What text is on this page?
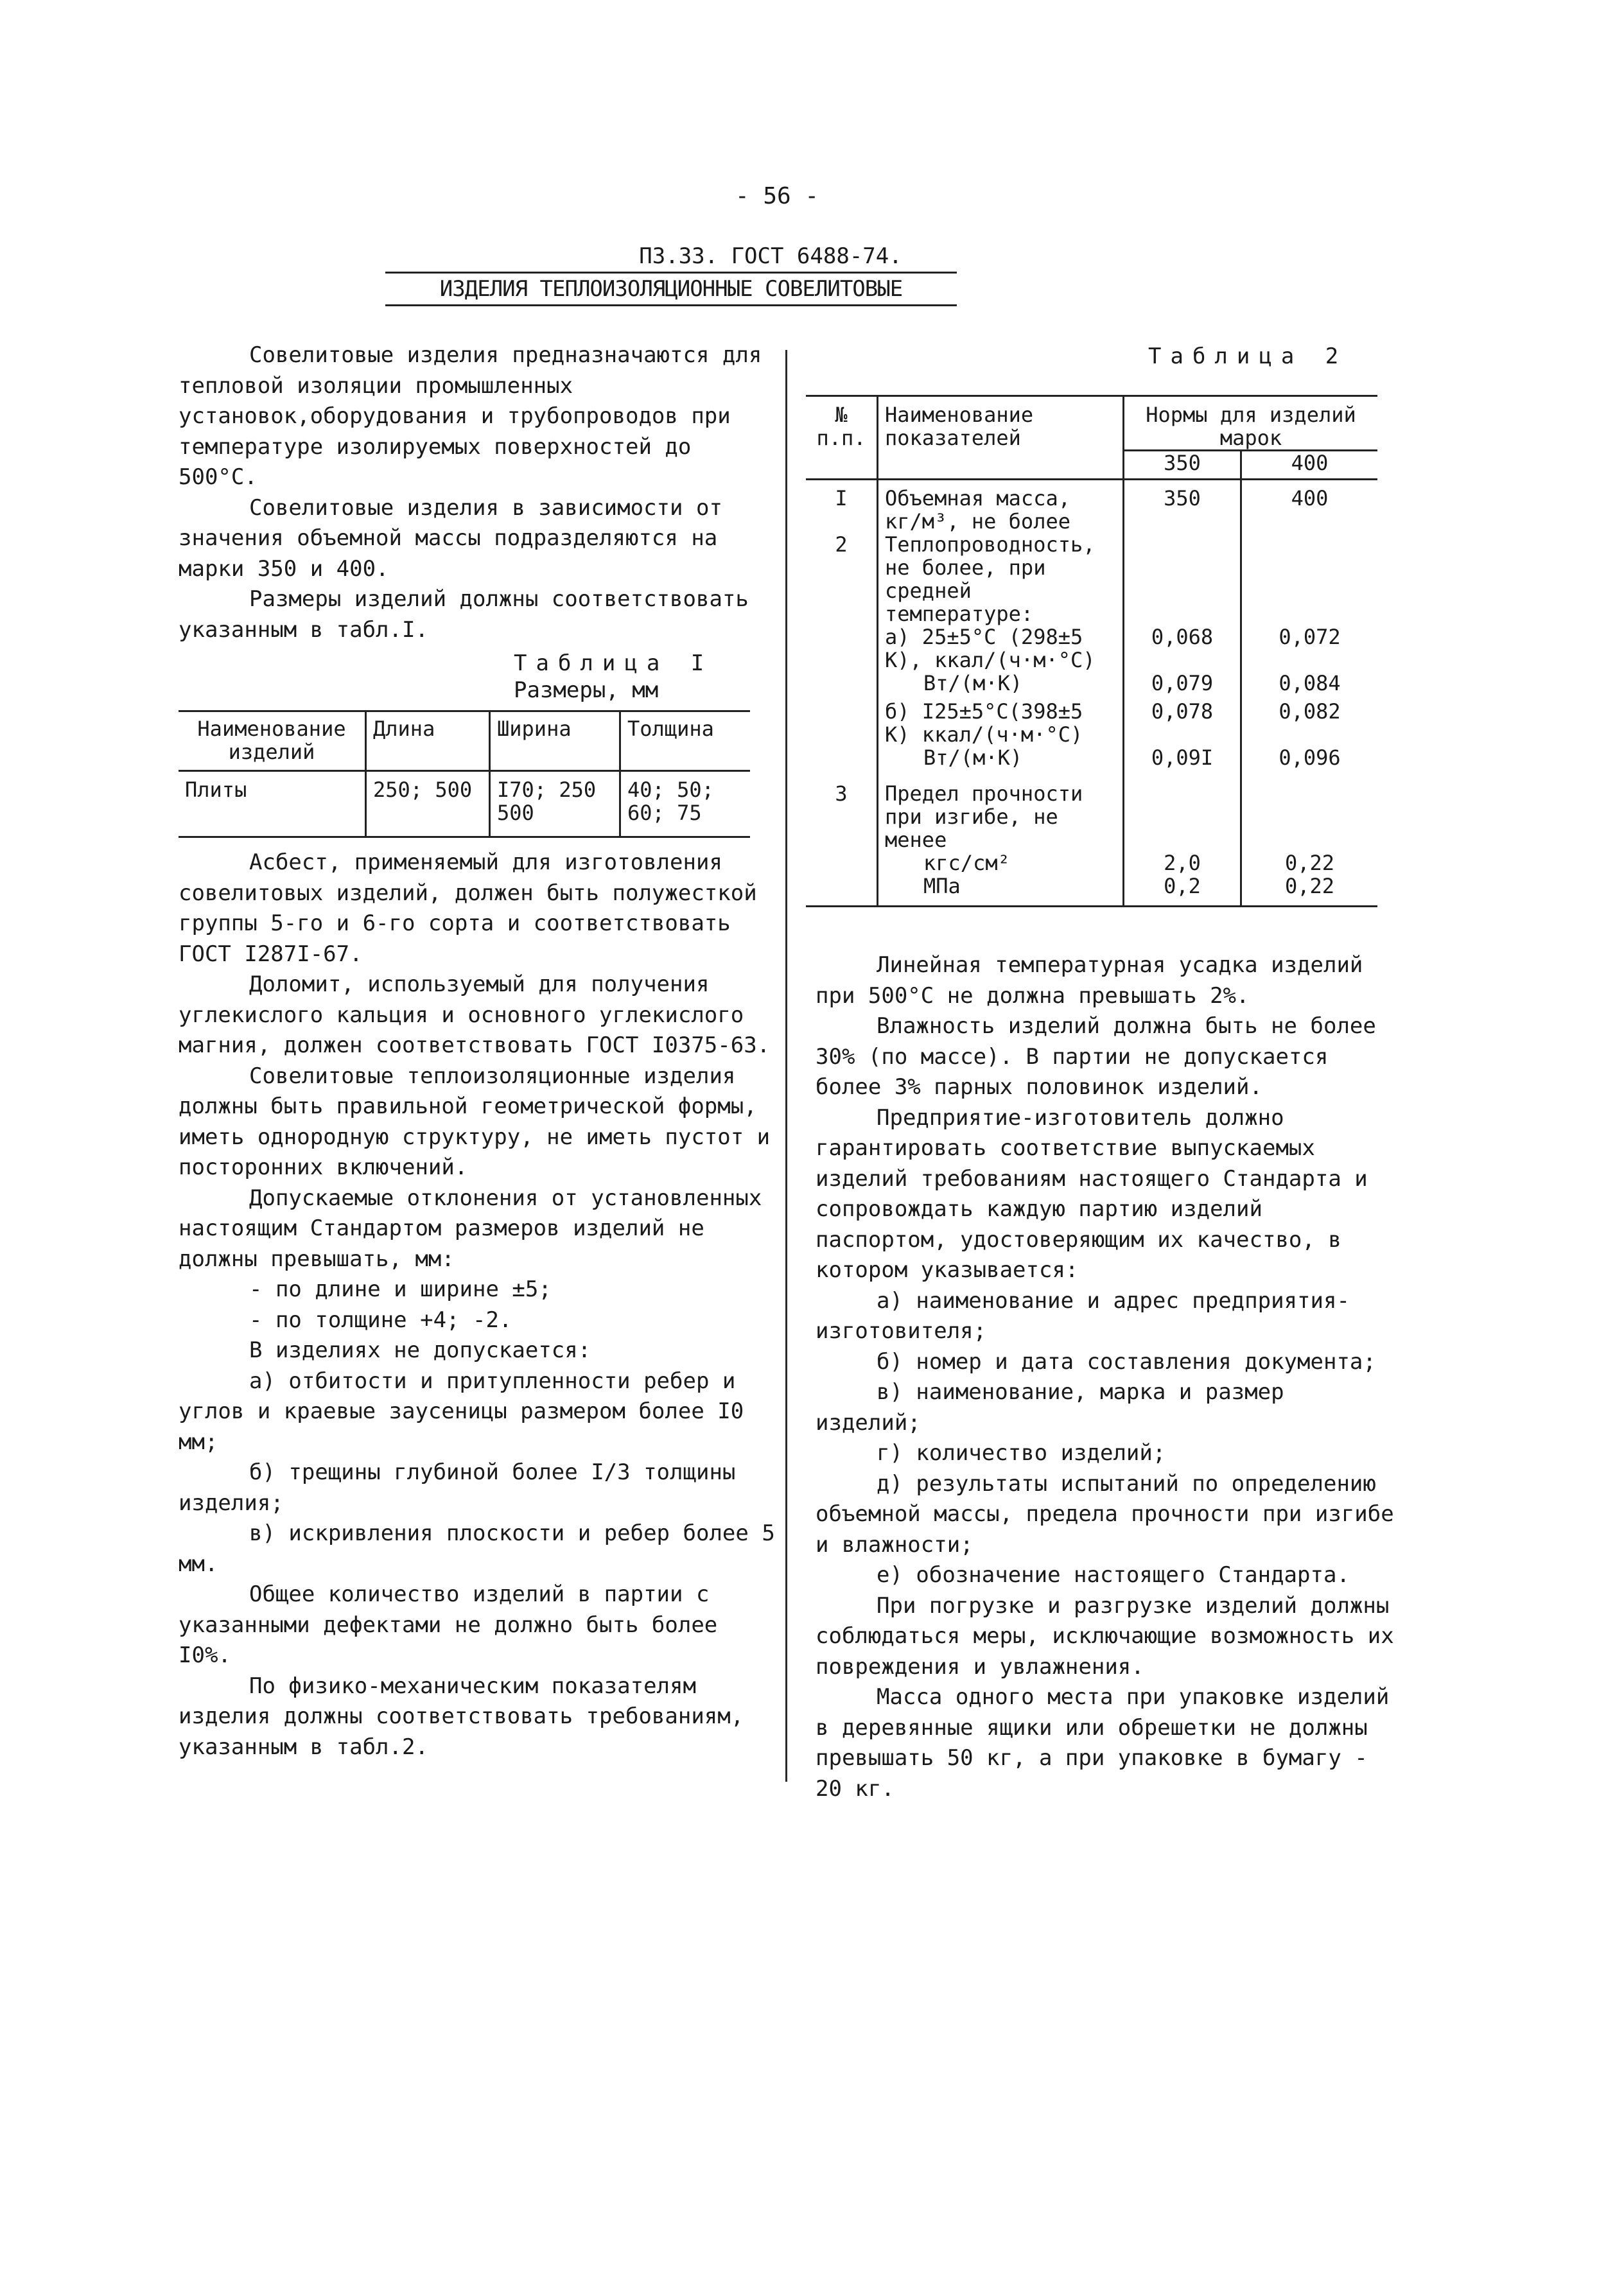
- 56 -
П3.33. ГОСТ 6488-74.
ИЗДЕЛИЯ ТЕПЛОИЗОЛЯЦИОННЫЕ СОВЕЛИТОВЫЕ

Совелитовые изделия предназначаются для тепловой изоляции промышленных установок,оборудования и трубопроводов при температуре изолируемых поверхностей до 500°С.

Совелитовые изделия в зависимости от значения объемной массы подразделяются на марки 350 и 400.

Размеры изделий должны соответствовать указанным в табл.I.

Таблица I
Размеры, мм
Наименование изделий	Длина	Ширина	Толщина
Плиты	250; 500	I70; 250 500	40; 50; 60; 75

Асбест, применяемый для изготовления совелитовых изделий, должен быть полужесткой группы 5-го и 6-го сорта и соответствовать ГОСТ I287I-67.

Доломит, используемый для получения углекислого кальция и основного углекислого магния, должен соответствовать ГОСТ I0375-63.

Совелитовые теплоизоляционные изделия должны быть правильной геометрической формы, иметь однородную структуру, не иметь пустот и посторонних включений.

Допускаемые отклонения от установленных настоящим Стандартом размеров изделий не должны превышать, мм:

- по длине и ширине ±5;

- по толщине +4; -2.

В изделиях не допускается:

а) отбитости и притупленности ребер и углов и краевые заусеницы размером более I0 мм;

б) трещины глубиной более I/3 толщины изделия;

в) искривления плоскости и ребер более 5 мм.

Общее количество изделий в партии с указанными дефектами не должно быть более I0%.

По физико-механическим показателям изделия должны соответствовать требованиям, указанным в табл.2.

Таблица 2
№ п.п.	Наименование показателей	Нормы для изделий марок	
		350	400
I	Объемная масса, кг/м³, не более	350	400
2	Теплопроводность, не более, при средней температуре:		
	а) 25±5°С (298±5 К), ккал/(ч·м·°С)	0,068	0,072
	Вт/(м·К)	0,079	0,084
	б) I25±5°С(398±5 К) ккал/(ч·м·°С)	0,078	0,082
	Вт/(м·К)	0,09I	0,096
3	Предел прочности при изгибе, не менее		
	кгс/см²	2,0	0,22
	МПа	0,2	0,22

Линейная температурная усадка изделий при 500°С не должна превышать 2%.

Влажность изделий должна быть не более 30% (по массе). В партии не допускается более 3% парных половинок изделий.

Предприятие-изготовитель должно гарантировать соответствие выпускаемых изделий требованиям настоящего Стандарта и сопровождать каждую партию изделий паспортом, удостоверяющим их качество, в котором указывается:

а) наименование и адрес предприятия-изготовителя;

б) номер и дата составления документа;

в) наименование, марка и размер изделий;

г) количество изделий;

д) результаты испытаний по определению объемной массы, предела прочности при изгибе и влажности;

е) обозначение настоящего Стандарта.

При погрузке и разгрузке изделий должны соблюдаться меры, исключающие возможность их повреждения и увлажнения.

Масса одного места при упаковке изделий в деревянные ящики или обрешетки не должны превышать 50 кг, а при упаковке в бумагу - 20 кг.
